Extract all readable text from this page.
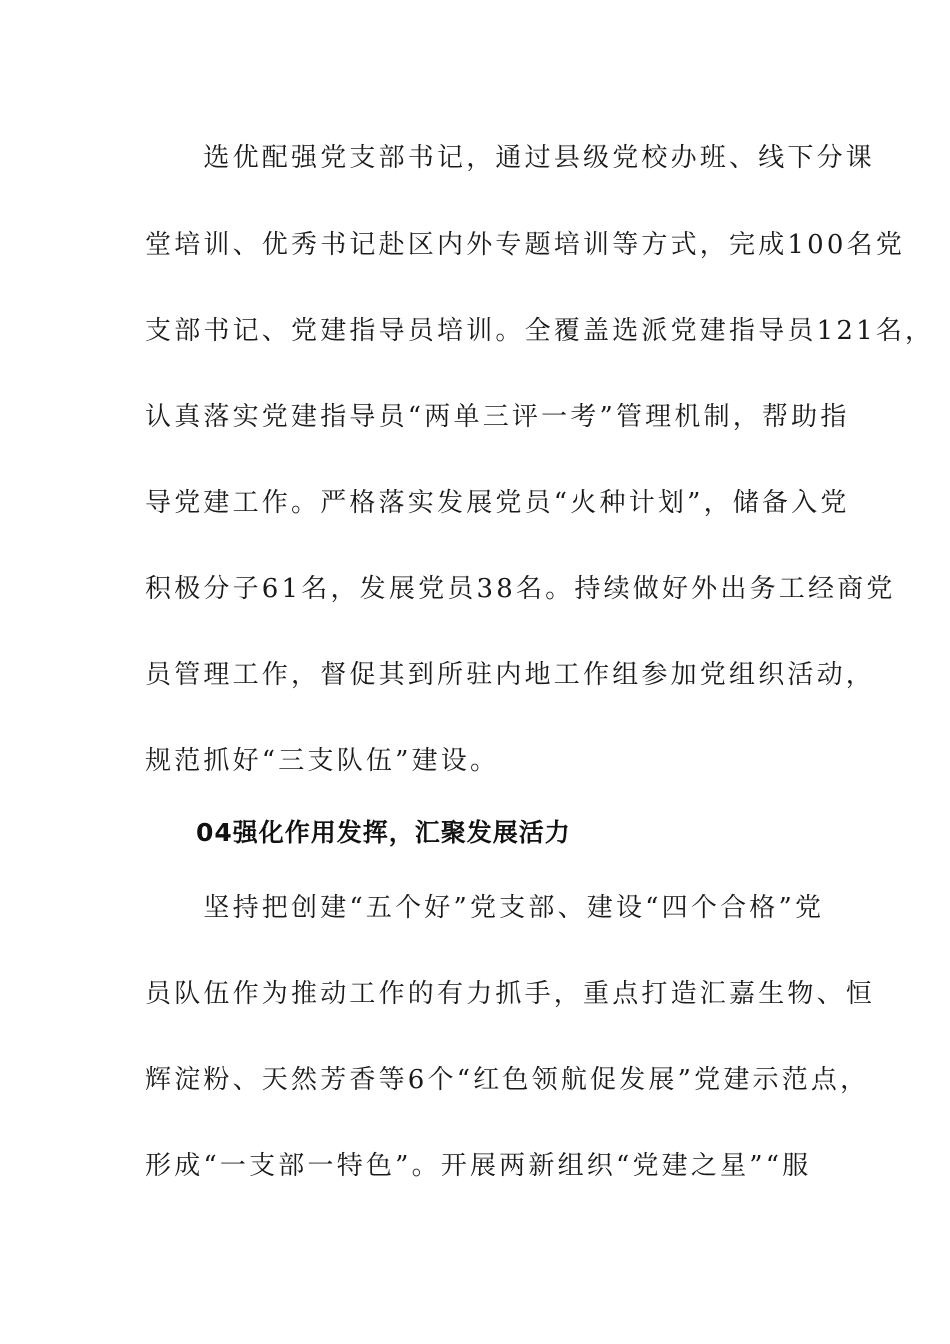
　　选优配强党支部书记，通过县级党校办班、线下分课
堂培训、优秀书记赴区内外专题培训等方式，完成100名党
支部书记、党建指导员培训。全覆盖选派党建指导员121名，
认真落实党建指导员“两单三评一考”管理机制，帮助指
导党建工作。严格落实发展党员“火种计划”，储备入党
积极分子61名，发展党员38名。持续做好外出务工经商党
员管理工作，督促其到所驻内地工作组参加党组织活动，
规范抓好“三支队伍”建设。
04强化作用发挥，汇聚发展活力
　　坚持把创建“五个好”党支部、建设“四个合格”党
员队伍作为推动工作的有力抓手，重点打造汇嘉生物、恒
辉淀粉、天然芳香等6个“红色领航促发展”党建示范点，
形成“一支部一特色”。开展两新组织“党建之星”“服
